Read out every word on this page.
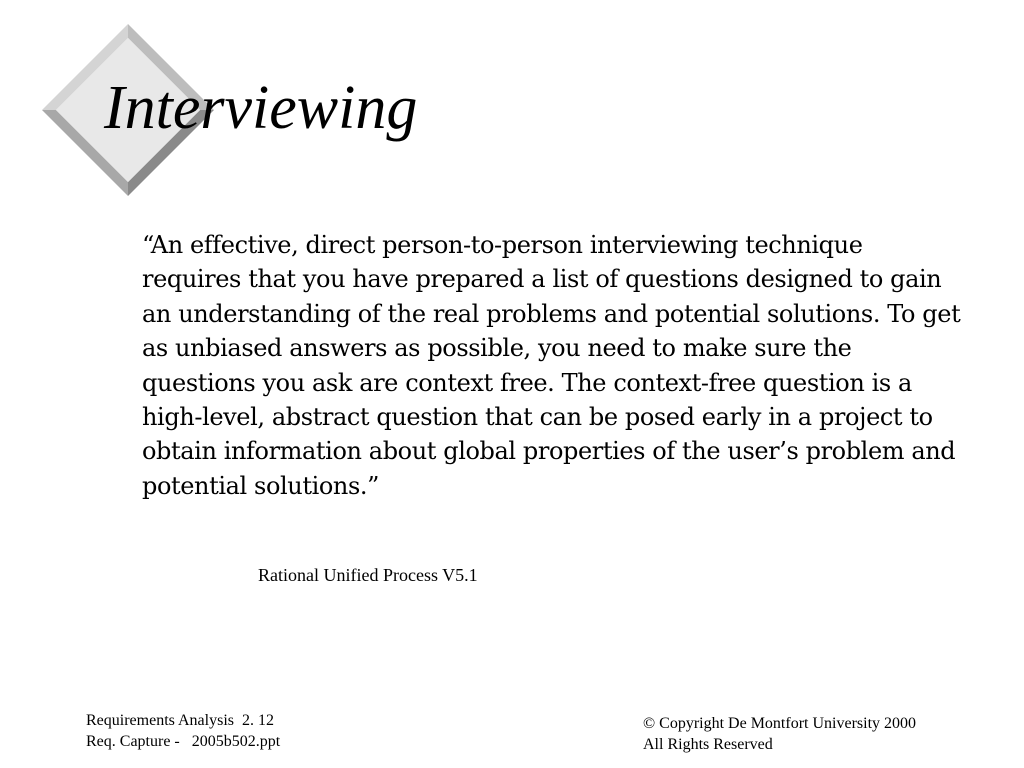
Interviewing

“An effective, direct person-to-person interviewing technique requires that you have prepared a list of questions designed to gain an understanding of the real problems and potential solutions. To get as unbiased answers as possible, you need to make sure the questions you ask are context free. The context-free question is a high-level, abstract question that can be posed early in a project to obtain information about global properties of the user’s problem and potential solutions.”

Rational Unified Process V5.1

Requirements Analysis  2. 12
Req. Capture -   2005b502.ppt
© Copyright De Montfort University 2000
All Rights Reserved
